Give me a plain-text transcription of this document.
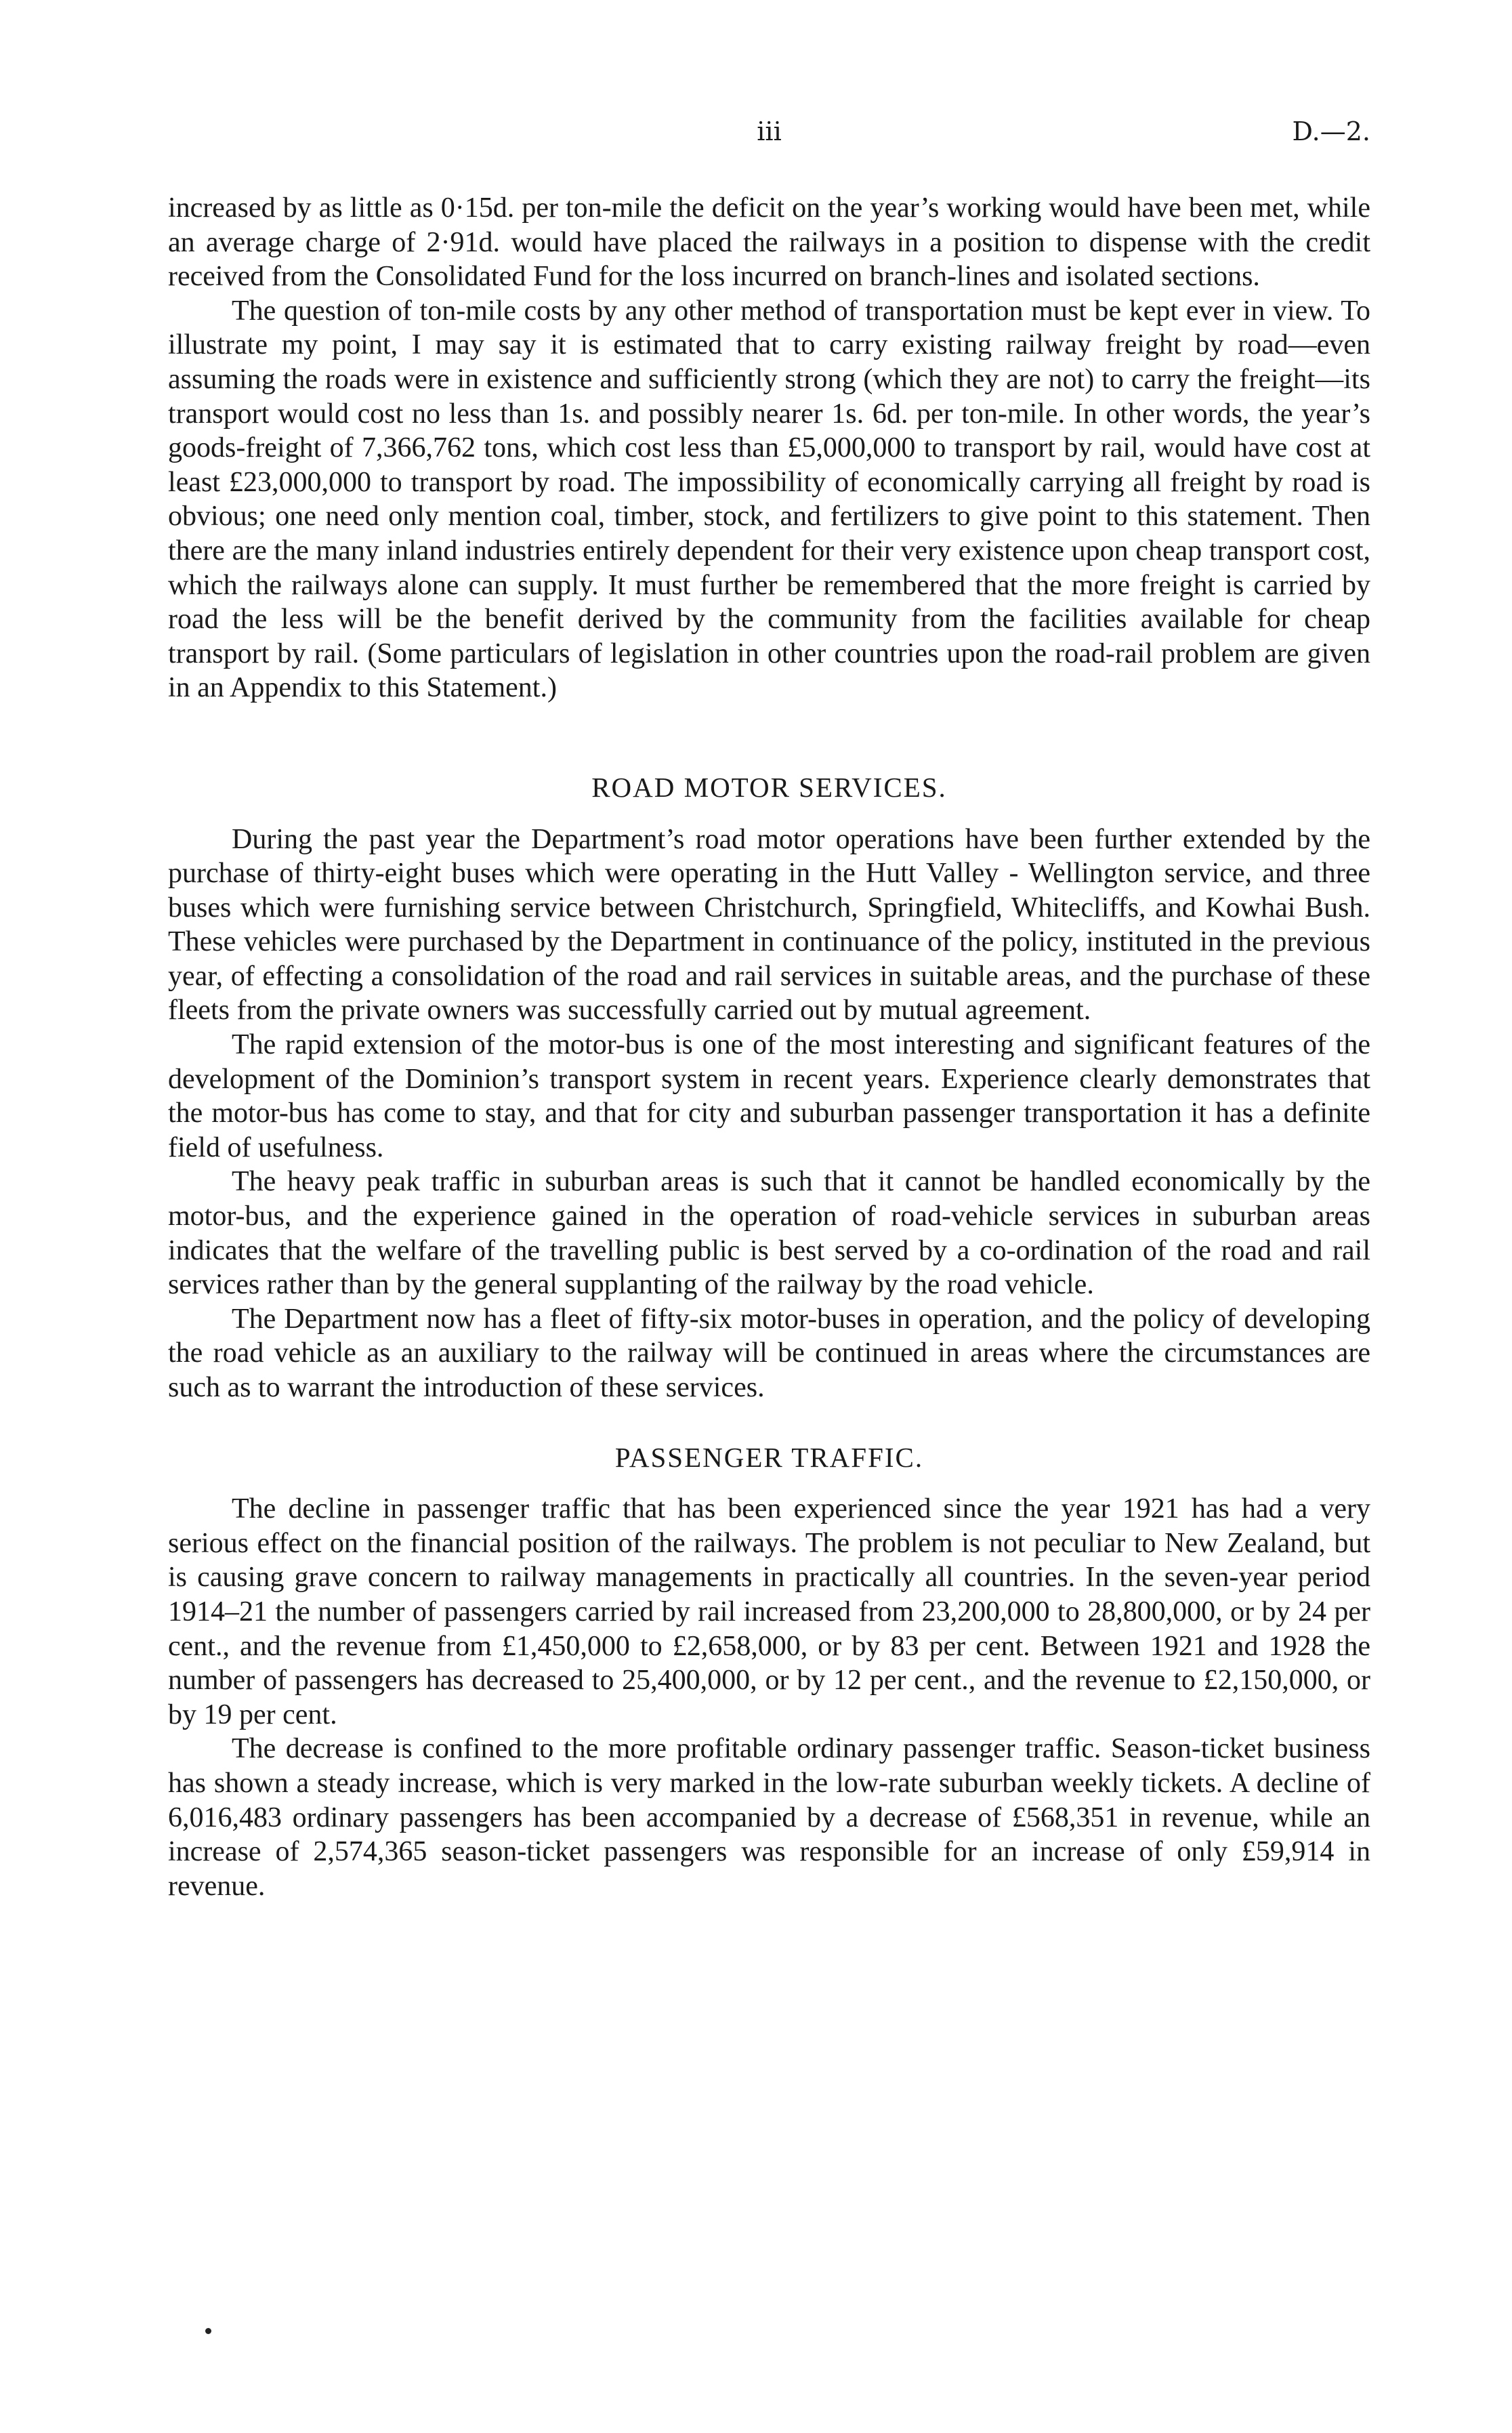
iii	D.—2.

increased by as little as 0·15d. per ton-mile the deficit on the year’s working would have been met, while an average charge of 2·91d. would have placed the railways in a position to dispense with the credit received from the Consolidated Fund for the loss incurred on branch-lines and isolated sections.

The question of ton-mile costs by any other method of transportation must be kept ever in view. To illustrate my point, I may say it is estimated that to carry existing railway freight by road—even assuming the roads were in existence and sufficiently strong (which they are not) to carry the freight—its transport would cost no less than 1s. and possibly nearer 1s. 6d. per ton-mile. In other words, the year’s goods-freight of 7,366,762 tons, which cost less than £5,000,000 to transport by rail, would have cost at least £23,000,000 to transport by road. The impossibility of economically carrying all freight by road is obvious; one need only mention coal, timber, stock, and fertilizers to give point to this statement. Then there are the many inland industries entirely dependent for their very existence upon cheap transport cost, which the railways alone can supply. It must further be remembered that the more freight is carried by road the less will be the benefit derived by the community from the facilities available for cheap transport by rail. (Some particulars of legislation in other countries upon the road-rail problem are given in an Appendix to this Statement.)

ROAD MOTOR SERVICES.

During the past year the Department’s road motor operations have been further extended by the purchase of thirty-eight buses which were operating in the Hutt Valley - Wellington service, and three buses which were furnishing service between Christchurch, Springfield, Whitecliffs, and Kowhai Bush. These vehicles were purchased by the Department in continuance of the policy, instituted in the previous year, of effecting a consolidation of the road and rail services in suitable areas, and the purchase of these fleets from the private owners was successfully carried out by mutual agreement.

The rapid extension of the motor-bus is one of the most interesting and significant features of the development of the Dominion’s transport system in recent years. Experience clearly demonstrates that the motor-bus has come to stay, and that for city and suburban passenger transportation it has a definite field of usefulness.

The heavy peak traffic in suburban areas is such that it cannot be handled economically by the motor-bus, and the experience gained in the operation of road-vehicle services in suburban areas indicates that the welfare of the travelling public is best served by a co-ordination of the road and rail services rather than by the general supplanting of the railway by the road vehicle.

The Department now has a fleet of fifty-six motor-buses in operation, and the policy of developing the road vehicle as an auxiliary to the railway will be continued in areas where the circumstances are such as to warrant the introduction of these services.

PASSENGER TRAFFIC.

The decline in passenger traffic that has been experienced since the year 1921 has had a very serious effect on the financial position of the railways. The problem is not peculiar to New Zealand, but is causing grave concern to railway managements in practically all countries. In the seven-year period 1914–21 the number of passengers carried by rail increased from 23,200,000 to 28,800,000, or by 24 per cent., and the revenue from £1,450,000 to £2,658,000, or by 83 per cent. Between 1921 and 1928 the number of passengers has decreased to 25,400,000, or by 12 per cent., and the revenue to £2,150,000, or by 19 per cent.

The decrease is confined to the more profitable ordinary passenger traffic. Season-ticket business has shown a steady increase, which is very marked in the low-rate suburban weekly tickets. A decline of 6,016,483 ordinary passengers has been accompanied by a decrease of £568,351 in revenue, while an increase of 2,574,365 season-ticket passengers was responsible for an increase of only £59,914 in revenue.
